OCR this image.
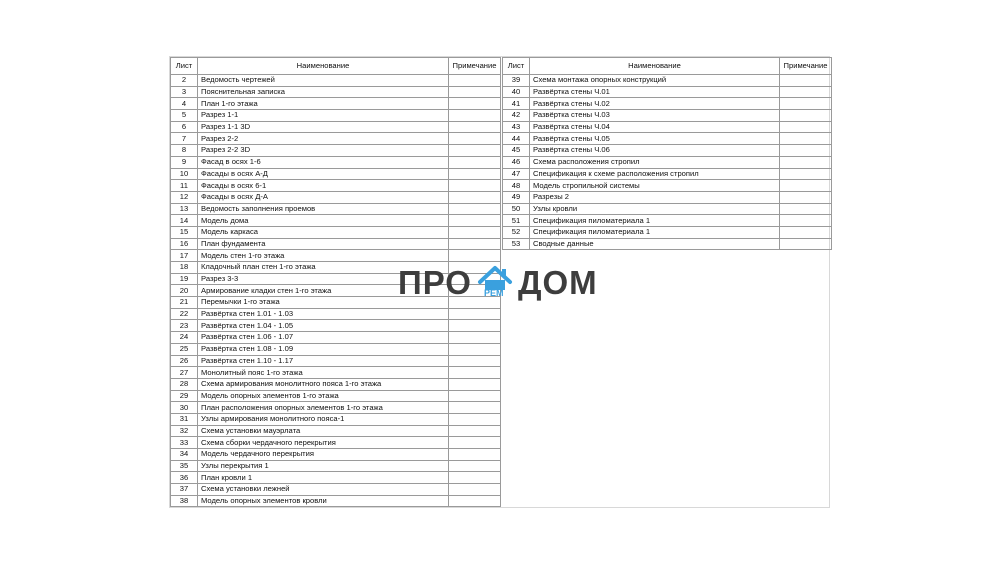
Лист	Наименование	Примечание
2	Ведомость чертежей	
3	Пояснительная записка	
4	План 1-го этажа	
5	Разрез 1-1	
6	Разрез 1-1 3D	
7	Разрез 2-2	
8	Разрез 2-2 3D	
9	Фасад в осях 1-6	
10	Фасады в осях А-Д	
11	Фасады в осях 6-1	
12	Фасады в осях Д-А	
13	Ведомость заполнения проемов	
14	Модель дома	
15	Модель каркаса	
16	План фундамента	
17	Модель стен 1-го этажа	
18	Кладочный план стен 1-го этажа	
19	Разрез 3-3	
20	Армирование кладки стен 1-го этажа	
21	Перемычки 1-го этажа	
22	Развёртка стен 1.01 - 1.03	
23	Развёртка стен 1.04 - 1.05	
24	Развёртка стен 1.06 - 1.07	
25	Развёртка стен 1.08 - 1.09	
26	Развёртка стен 1.10 - 1.17	
27	Монолитный пояс 1-го этажа	
28	Схема армирования монолитного пояса 1-го этажа	
29	Модель опорных элементов 1-го этажа	
30	План расположения опорных элементов 1-го этажа	
31	Узлы армирования монолитного пояса-1	
32	Схема установки мауэрлата	
33	Схема сборки чердачного перекрытия	
34	Модель чердачного перекрытия	
35	Узлы перекрытия 1	
36	План кровли 1	
37	Схема установки лежней	
38	Модель опорных элементов кровли	
Лист	Наименование	Примечание
39	Схема монтажа опорных конструкций	
40	Развёртка стены Ч.01	
41	Развёртка стены Ч.02	
42	Развёртка стены Ч.03	
43	Развёртка стены Ч.04	
44	Развёртка стены Ч.05	
45	Развёртка стены Ч.06	
46	Схема расположения стропил	
47	Спецификация к схеме расположения стропил	
48	Модель стропильной системы	
49	Разрезы 2	
50	Узлы кровли	
51	Спецификация пиломатериала 1	
52	Спецификация пиломатериала 1	
53	Сводные данные	
ПРО РЕМ ДОМ
